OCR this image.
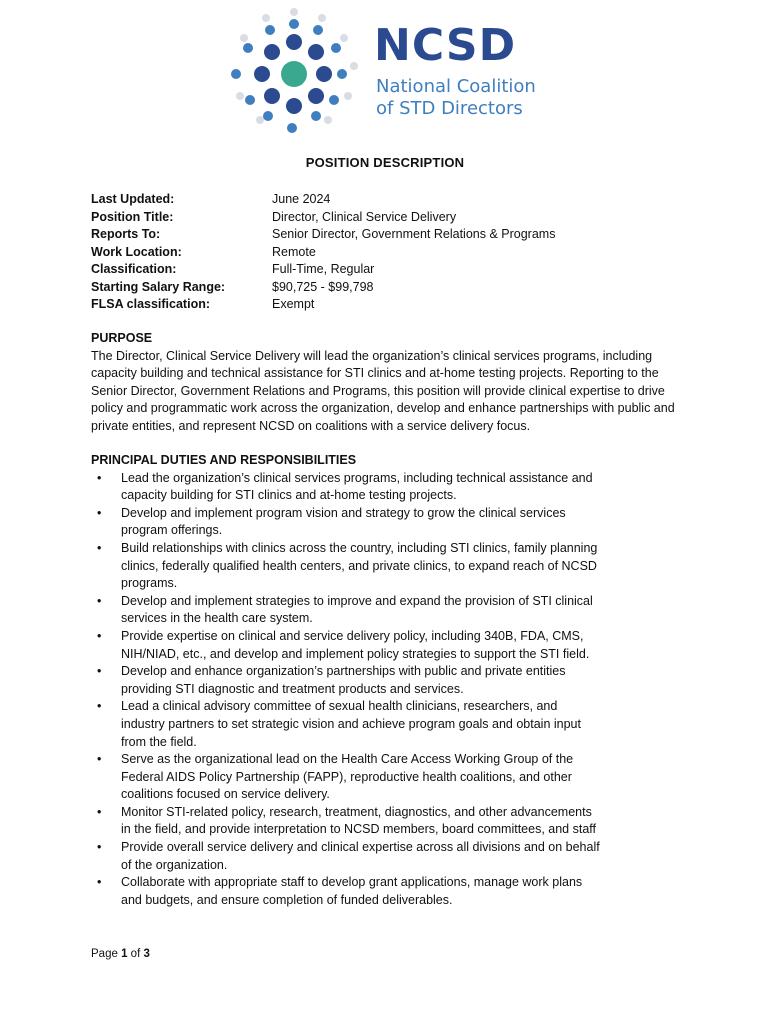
NCSD
National Coalition
of STD Directors
POSITION DESCRIPTION
Last Updated:	June 2024
Position Title:	Director, Clinical Service Delivery
Reports To:	Senior Director, Government Relations & Programs
Work Location:	Remote
Classification:	Full-Time, Regular
Starting Salary Range:	$90,725 - $99,798
FLSA classification:	Exempt
PURPOSE

The Director, Clinical Service Delivery will lead the organization’s clinical services programs, including capacity building and technical assistance for STI clinics and at-home testing projects. Reporting to the Senior Director, Government Relations and Programs, this position will provide clinical expertise to drive policy and programmatic work across the organization, develop and enhance partnerships with public and private entities, and represent NCSD on coalitions with a service delivery focus.

PRINCIPAL DUTIES AND RESPONSIBILITIES
• Lead the organization’s clinical services programs, including technical assistance and capacity building for STI clinics and at-home testing projects.
• Develop and implement program vision and strategy to grow the clinical services program offerings.
• Build relationships with clinics across the country, including STI clinics, family planning clinics, federally qualified health centers, and private clinics, to expand reach of NCSD programs.
• Develop and implement strategies to improve and expand the provision of STI clinical services in the health care system.
• Provide expertise on clinical and service delivery policy, including 340B, FDA, CMS, NIH/NIAD, etc., and develop and implement policy strategies to support the STI field.
• Develop and enhance organization’s partnerships with public and private entities providing STI diagnostic and treatment products and services.
• Lead a clinical advisory committee of sexual health clinicians, researchers, and industry partners to set strategic vision and achieve program goals and obtain input from the field.
• Serve as the organizational lead on the Health Care Access Working Group of the Federal AIDS Policy Partnership (FAPP), reproductive health coalitions, and other coalitions focused on service delivery.
• Monitor STI-related policy, research, treatment, diagnostics, and other advancements in the field, and provide interpretation to NCSD members, board committees, and staff
• Provide overall service delivery and clinical expertise across all divisions and on behalf of the organization.
• Collaborate with appropriate staff to develop grant applications, manage work plans and budgets, and ensure completion of funded deliverables.
Page 1 of 3
